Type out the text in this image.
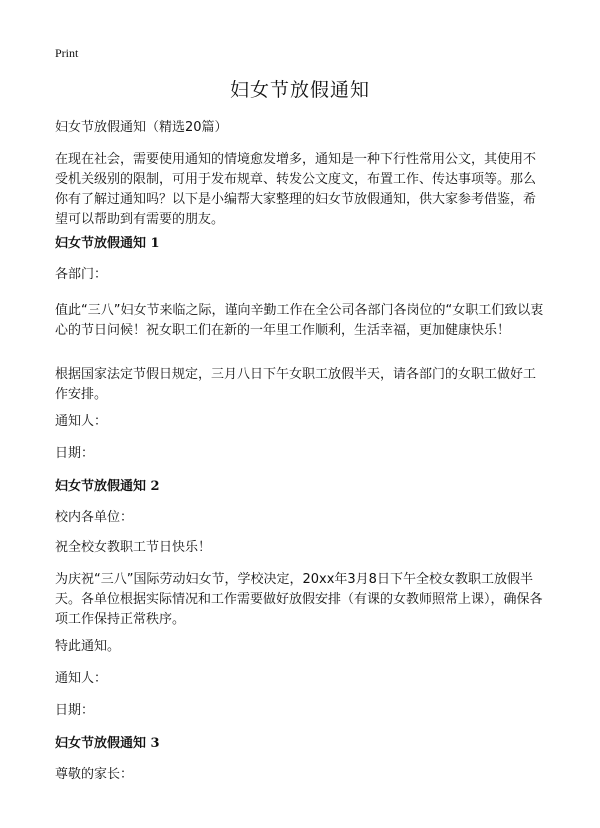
Print
妇女节放假通知

妇女节放假通知（精选20篇）

在现在社会，需要使用通知的情境愈发增多，通知是一种下行性常用公文，其使用不受机关级别的限制，可用于发布规章、转发公文度文，布置工作、传达事项等。那么你有了解过通知吗？以下是小编帮大家整理的妇女节放假通知，供大家参考借鉴，希望可以帮助到有需要的朋友。

妇女节放假通知 1

各部门：

值此“三八”妇女节来临之际，谨向辛勤工作在全公司各部门各岗位的“女职工们致以衷心的节日问候！祝女职工们在新的一年里工作顺利，生活幸福，更加健康快乐！

根据国家法定节假日规定，三月八日下午女职工放假半天，请各部门的女职工做好工作安排。

通知人：

日期：

妇女节放假通知 2

校内各单位：

祝全校女教职工节日快乐！

为庆祝“三八”国际劳动妇女节，学校决定，20xx年3月8日下午全校女教职工放假半天。各单位根据实际情况和工作需要做好放假安排（有课的女教师照常上课），确保各项工作保持正常秩序。

特此通知。

通知人：

日期：

妇女节放假通知 3

尊敬的家长：
